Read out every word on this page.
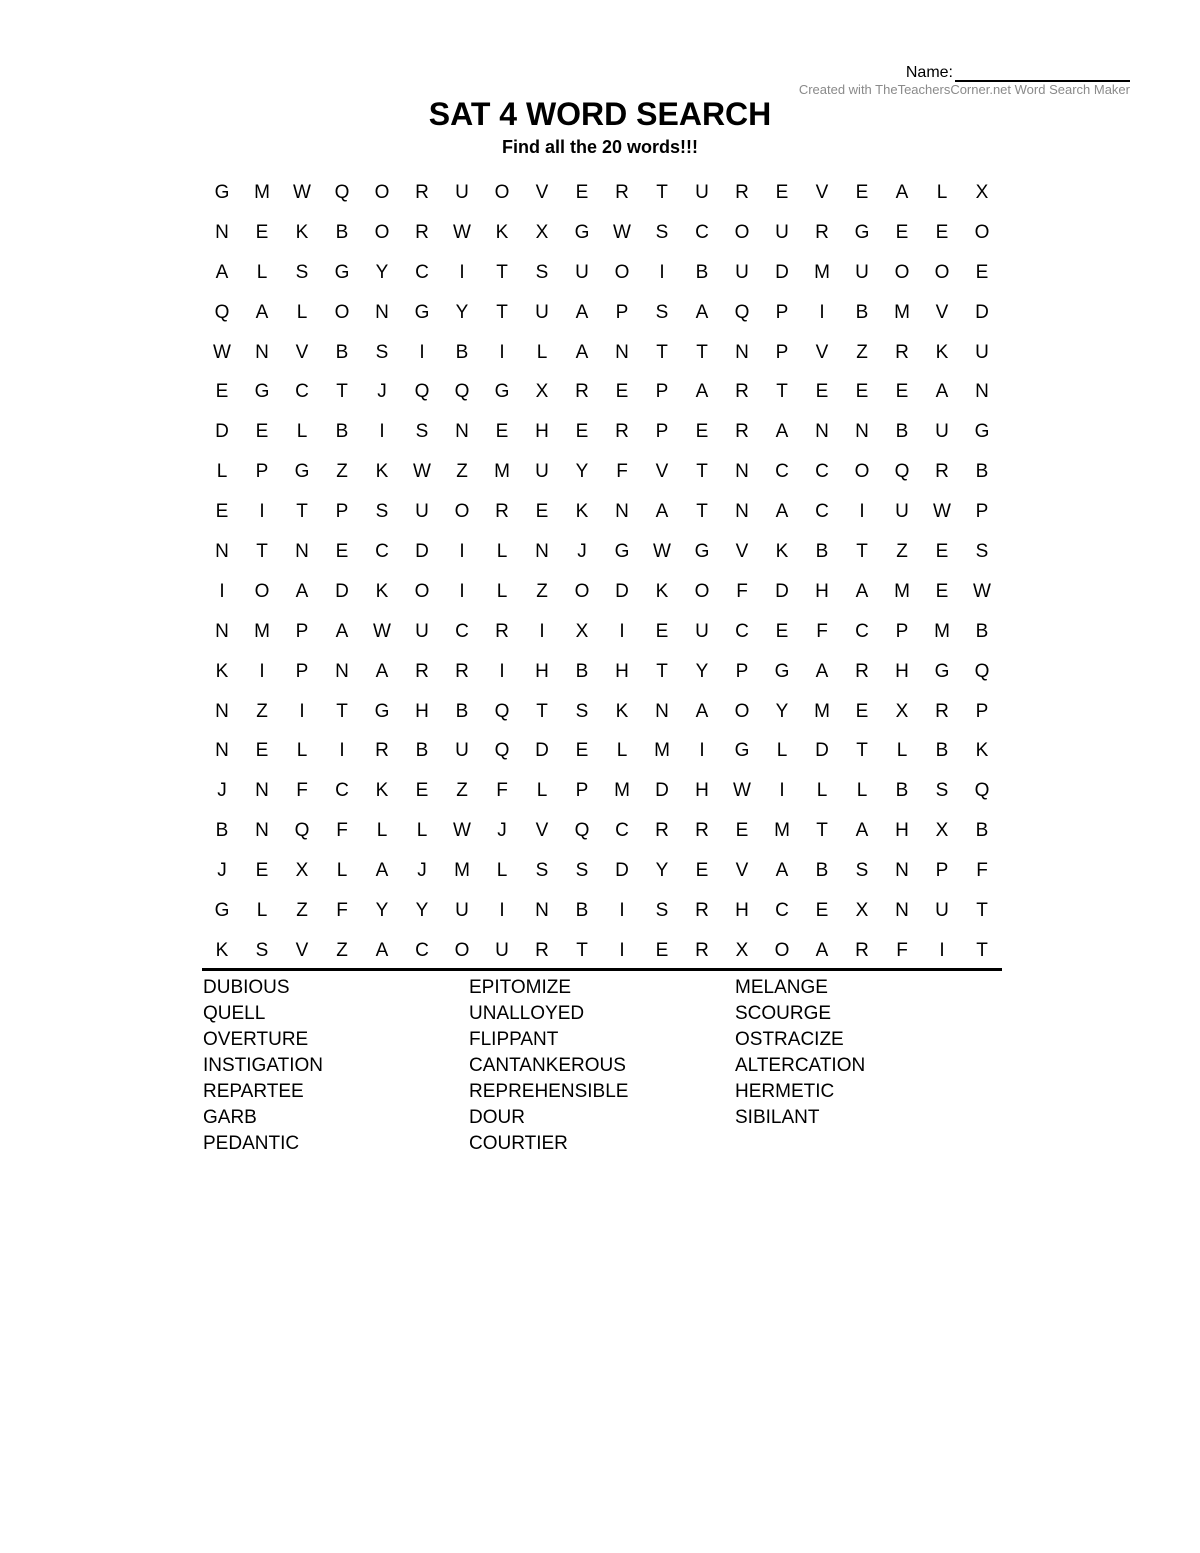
Name:
Created with TheTeachersCorner.net Word Search Maker
SAT 4 WORD SEARCH
Find all the 20 words!!!
G	M	W	Q	O	R	U	O	V	E	R	T	U	R	E	V	E	A	L	X
N	E	K	B	O	R	W	K	X	G	W	S	C	O	U	R	G	E	E	O
A	L	S	G	Y	C	I	T	S	U	O	I	B	U	D	M	U	O	O	E
Q	A	L	O	N	G	Y	T	U	A	P	S	A	Q	P	I	B	M	V	D
W	N	V	B	S	I	B	I	L	A	N	T	T	N	P	V	Z	R	K	U
E	G	C	T	J	Q	Q	G	X	R	E	P	A	R	T	E	E	E	A	N
D	E	L	B	I	S	N	E	H	E	R	P	E	R	A	N	N	B	U	G
L	P	G	Z	K	W	Z	M	U	Y	F	V	T	N	C	C	O	Q	R	B
E	I	T	P	S	U	O	R	E	K	N	A	T	N	A	C	I	U	W	P
N	T	N	E	C	D	I	L	N	J	G	W	G	V	K	B	T	Z	E	S
I	O	A	D	K	O	I	L	Z	O	D	K	O	F	D	H	A	M	E	W
N	M	P	A	W	U	C	R	I	X	I	E	U	C	E	F	C	P	M	B
K	I	P	N	A	R	R	I	H	B	H	T	Y	P	G	A	R	H	G	Q
N	Z	I	T	G	H	B	Q	T	S	K	N	A	O	Y	M	E	X	R	P
N	E	L	I	R	B	U	Q	D	E	L	M	I	G	L	D	T	L	B	K
J	N	F	C	K	E	Z	F	L	P	M	D	H	W	I	L	L	B	S	Q
B	N	Q	F	L	L	W	J	V	Q	C	R	R	E	M	T	A	H	X	B
J	E	X	L	A	J	M	L	S	S	D	Y	E	V	A	B	S	N	P	F
G	L	Z	F	Y	Y	U	I	N	B	I	S	R	H	C	E	X	N	U	T
K	S	V	Z	A	C	O	U	R	T	I	E	R	X	O	A	R	F	I	T
DUBIOUS
QUELL
OVERTURE
INSTIGATION
REPARTEE
GARB
PEDANTIC
EPITOMIZE
UNALLOYED
FLIPPANT
CANTANKEROUS
REPREHENSIBLE
DOUR
COURTIER
MELANGE
SCOURGE
OSTRACIZE
ALTERCATION
HERMETIC
SIBILANT
